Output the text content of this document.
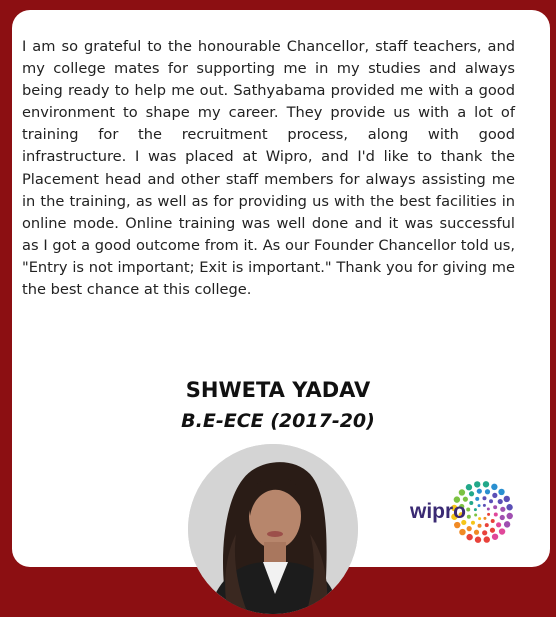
I am so grateful to the honourable Chancellor, staff teachers, and my college mates for supporting me in my studies and always being ready to help me out. Sathyabama provided me with a good environment to shape my career. They provide us with a lot of training for the recruitment process, along with good infrastructure. I was placed at Wipro, and I'd like to thank the Placement head and other staff members for always assisting me in the training, as well as for providing us with the best facilities in online mode. Online training was well done and it was successful as I got a good outcome from it. As our Founder Chancellor told us, "Entry is not important; Exit is important." Thank you for giving me the best chance at this college.

SHWETA YADAV
B.E-ECE (2017-20)
wipro
